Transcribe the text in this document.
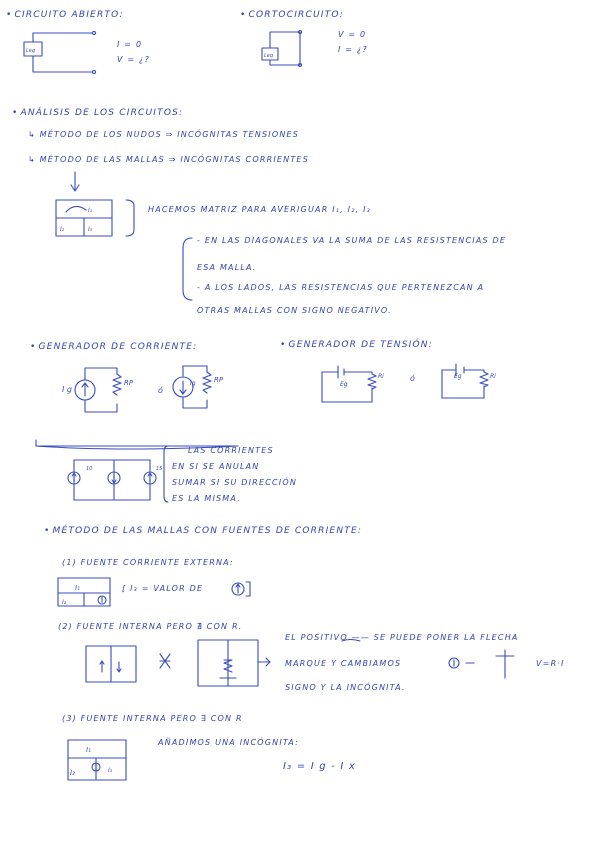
• CIRCUITO ABIERTO:
I = 0
V = ¿?
• CORTOCIRCUITO:
V = 0
I = ¿?
• ANÁLISIS DE LOS CIRCUITOS:
↳ MÉTODO DE LOS NUDOS ⇒ INCÓGNITAS TENSIONES
↳ MÉTODO DE LAS MALLAS ⇒ INCÓGNITAS CORRIENTES
HACEMOS MATRIZ PARA AVERIGUAR I₁, I₂, I₃
- EN LAS DIAGONALES VA LA SUMA DE LAS RESISTENCIAS DE
ESA MALLA.
- A LOS LADOS, LAS RESISTENCIAS QUE PERTENEZCAN A
OTRAS MALLAS CON SIGNO NEGATIVO.
• GENERADOR DE CORRIENTE:
ó
LAS CORRIENTES
EN SI SE ANULAN
SUMAR SI SU DIRECCIÓN
ES LA MISMA.
• GENERADOR DE TENSIÓN:
ó
• MÉTODO DE LAS MALLAS CON FUENTES DE CORRIENTE:
(1) FUENTE CORRIENTE EXTERNA:
[ I₃ = VALOR DE
(2) FUENTE INTERNA PERO ∄ CON R.
EL POSITIVO —— SE PUEDE PONER LA FLECHA
MARQUE Y CAMBIAMOS	V=R·I
SIGNO Y LA INCÓGNITA.
(3) FUENTE INTERNA PERO ∃ CON R
AÑADIMOS UNA INCÓGNITA:
I₃ = I g - I x
Leq
Leq
I₁
I₂	I₃
I g
RP	Ig	RP
10	15
Eg
Ri	Eg	Ri
I₁
I₂
I₁
I₂	I₃
